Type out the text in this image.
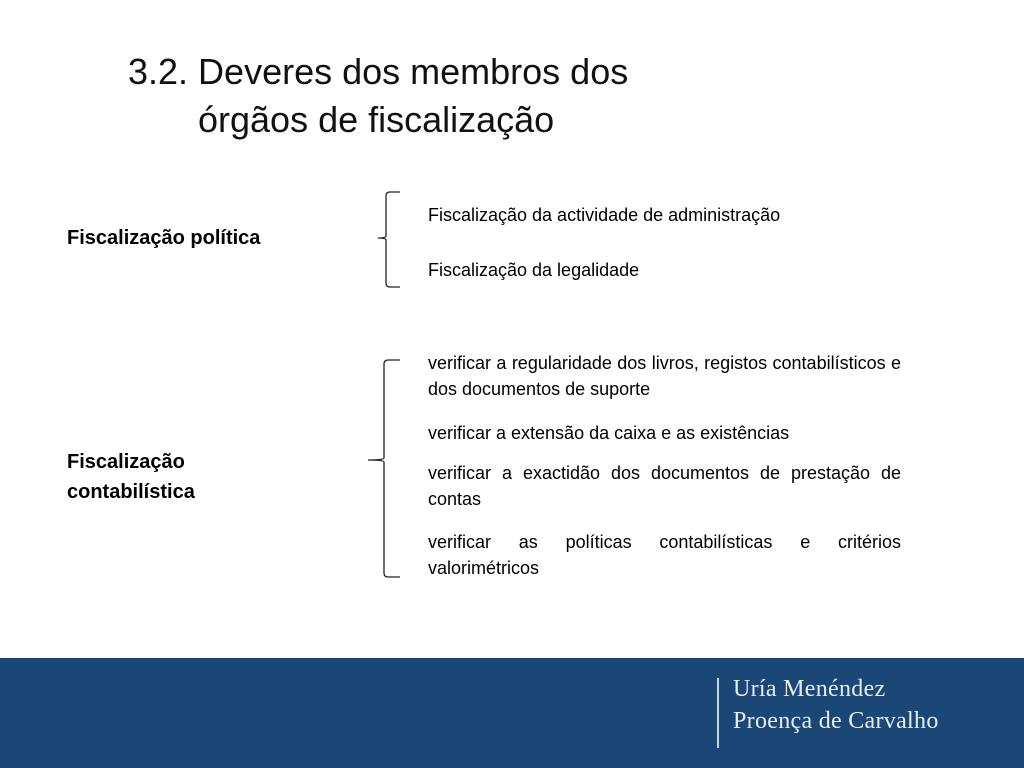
3.2. Deveres dos membros dos
órgãos de fiscalização
Fiscalização política
Fiscalização da actividade de administração
Fiscalização da legalidade
Fiscalização
contabilística
verificar a regularidade dos livros, registos contabilísticos e dos documentos de suporte
verificar a extensão da caixa e as existências
verificar a exactidão dos documentos de prestação de contas
verificar as políticas contabilísticas e critérios valorimétricos
Uría Menéndez
Proença de Carvalho
